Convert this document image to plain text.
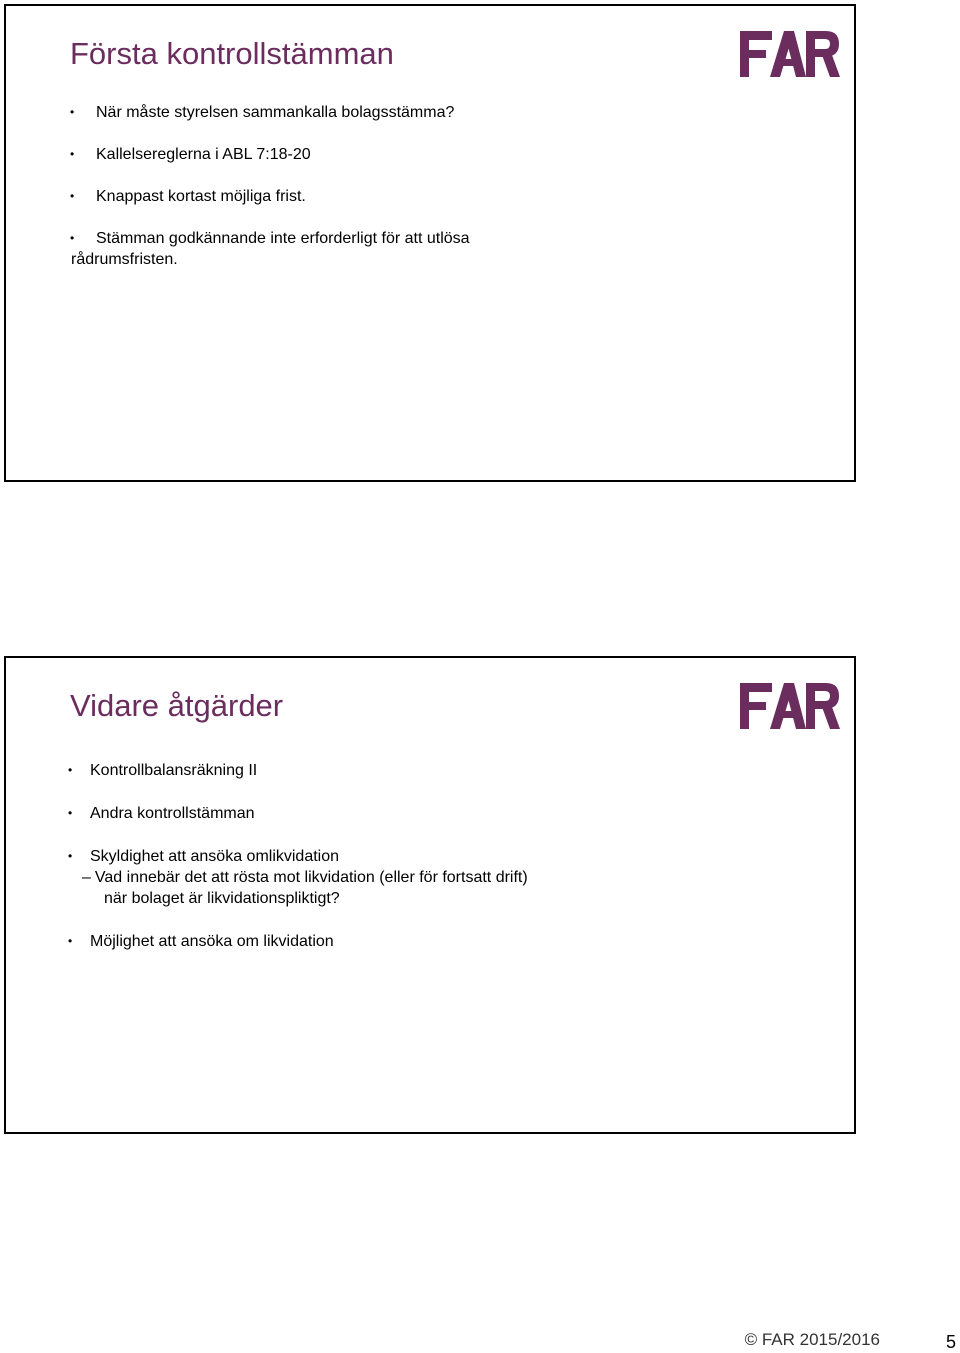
Första kontrollstämman
• När måste styrelsen sammankalla bolagsstämma?
• Kallelsereglerna i ABL 7:18-20
• Knappast kortast möjliga frist.
• Stämman godkännande inte erforderligt för att utlösa
rådrumsfristen.
Vidare åtgärder
• Kontrollbalansräkning II
• Andra kontrollstämman
• Skyldighet att ansöka omlikvidation
– Vad innebär det att rösta mot likvidation (eller för fortsatt drift)
när bolaget är likvidationspliktigt?
• Möjlighet att ansöka om likvidation
© FAR 2015/2016	5
